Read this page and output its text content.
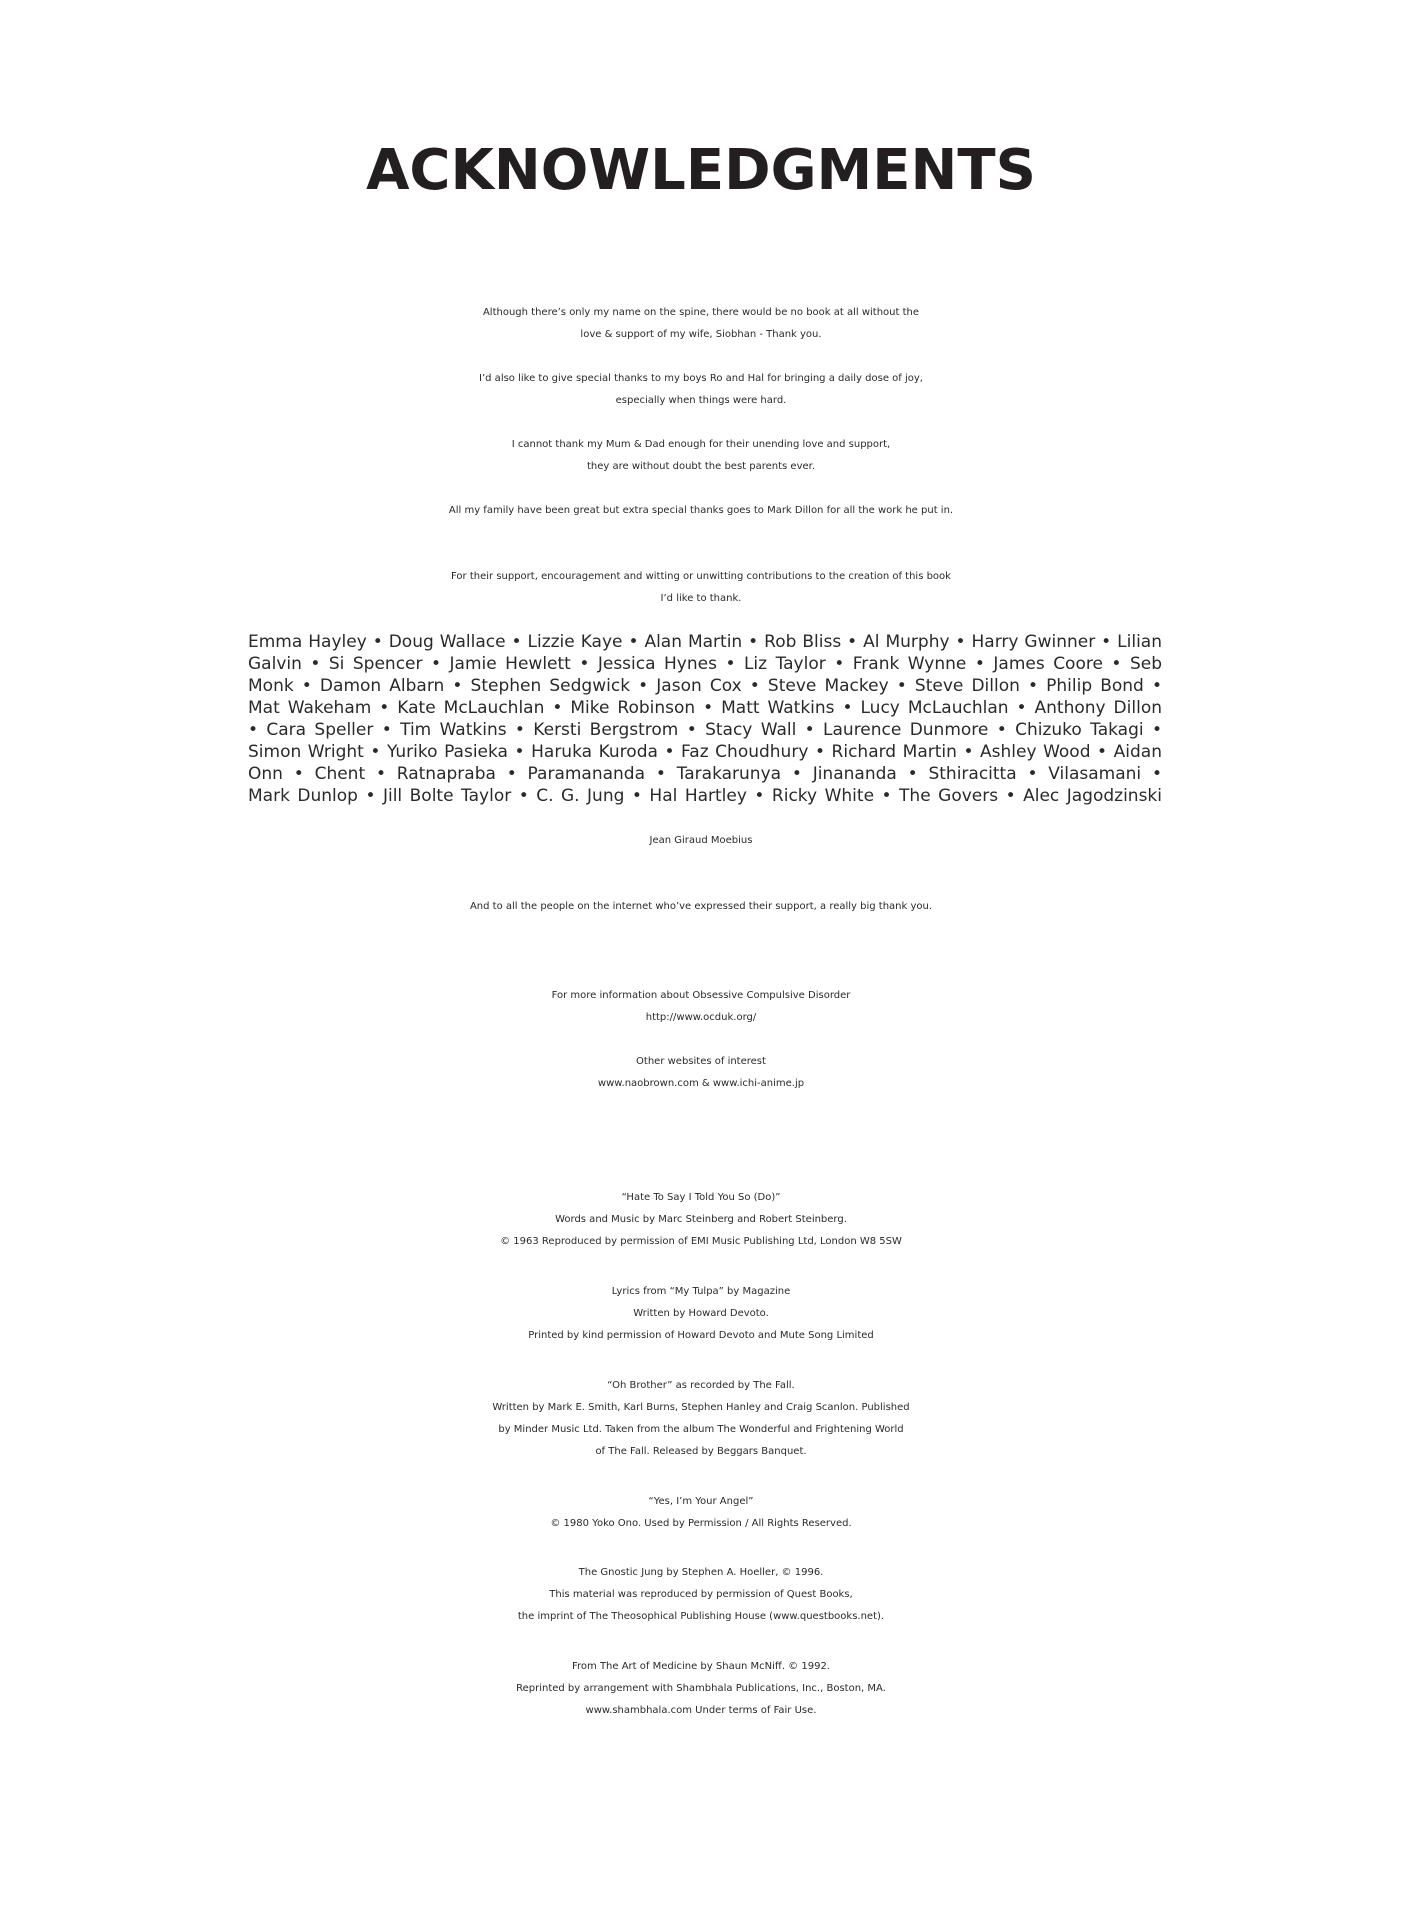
ACKNOWLEDGMENTS
Although there’s only my name on the spine, there would be no book at all without the
love & support of my wife, Siobhan - Thank you.
I’d also like to give special thanks to my boys Ro and Hal for bringing a daily dose of joy,
especially when things were hard.
I cannot thank my Mum & Dad enough for their unending love and support,
they are without doubt the best parents ever.
All my family have been great but extra special thanks goes to Mark Dillon for all the work he put in.
For their support, encouragement and witting or unwitting contributions to the creation of this book
I’d like to thank.
Emma Hayley • Doug Wallace • Lizzie Kaye • Alan Martin • Rob Bliss • Al Murphy • Harry Gwinner • Lilian
Galvin • Si Spencer • Jamie Hewlett • Jessica Hynes • Liz Taylor • Frank Wynne • James Coore • Seb
Monk • Damon Albarn • Stephen Sedgwick • Jason Cox • Steve Mackey • Steve Dillon • Philip Bond •
Mat Wakeham • Kate McLauchlan • Mike Robinson • Matt Watkins • Lucy McLauchlan • Anthony Dillon
• Cara Speller • Tim Watkins • Kersti Bergstrom • Stacy Wall • Laurence Dunmore • Chizuko Takagi •
Simon Wright • Yuriko Pasieka • Haruka Kuroda • Faz Choudhury • Richard Martin • Ashley Wood • Aidan
Onn • Chent • Ratnapraba • Paramananda • Tarakarunya • Jinananda • Sthiracitta • Vilasamani •
Mark Dunlop • Jill Bolte Taylor • C. G. Jung • Hal Hartley • Ricky White • The Govers • Alec Jagodzinski
Jean Giraud Moebius
And to all the people on the internet who’ve expressed their support, a really big thank you.
For more information about Obsessive Compulsive Disorder
http://www.ocduk.org/
Other websites of interest
www.naobrown.com & www.ichi-anime.jp
“Hate To Say I Told You So (Do)”
Words and Music by Marc Steinberg and Robert Steinberg.
© 1963 Reproduced by permission of EMI Music Publishing Ltd, London W8 5SW
Lyrics from “My Tulpa” by Magazine
Written by Howard Devoto.
Printed by kind permission of Howard Devoto and Mute Song Limited
“Oh Brother” as recorded by The Fall.
Written by Mark E. Smith, Karl Burns, Stephen Hanley and Craig Scanlon. Published
by Minder Music Ltd. Taken from the album The Wonderful and Frightening World
of The Fall. Released by Beggars Banquet.
“Yes, I’m Your Angel”
© 1980 Yoko Ono. Used by Permission / All Rights Reserved.
The Gnostic Jung by Stephen A. Hoeller, © 1996.
This material was reproduced by permission of Quest Books,
the imprint of The Theosophical Publishing House (www.questbooks.net).
From The Art of Medicine by Shaun McNiff. © 1992.
Reprinted by arrangement with Shambhala Publications, Inc., Boston, MA.
www.shambhala.com Under terms of Fair Use.
